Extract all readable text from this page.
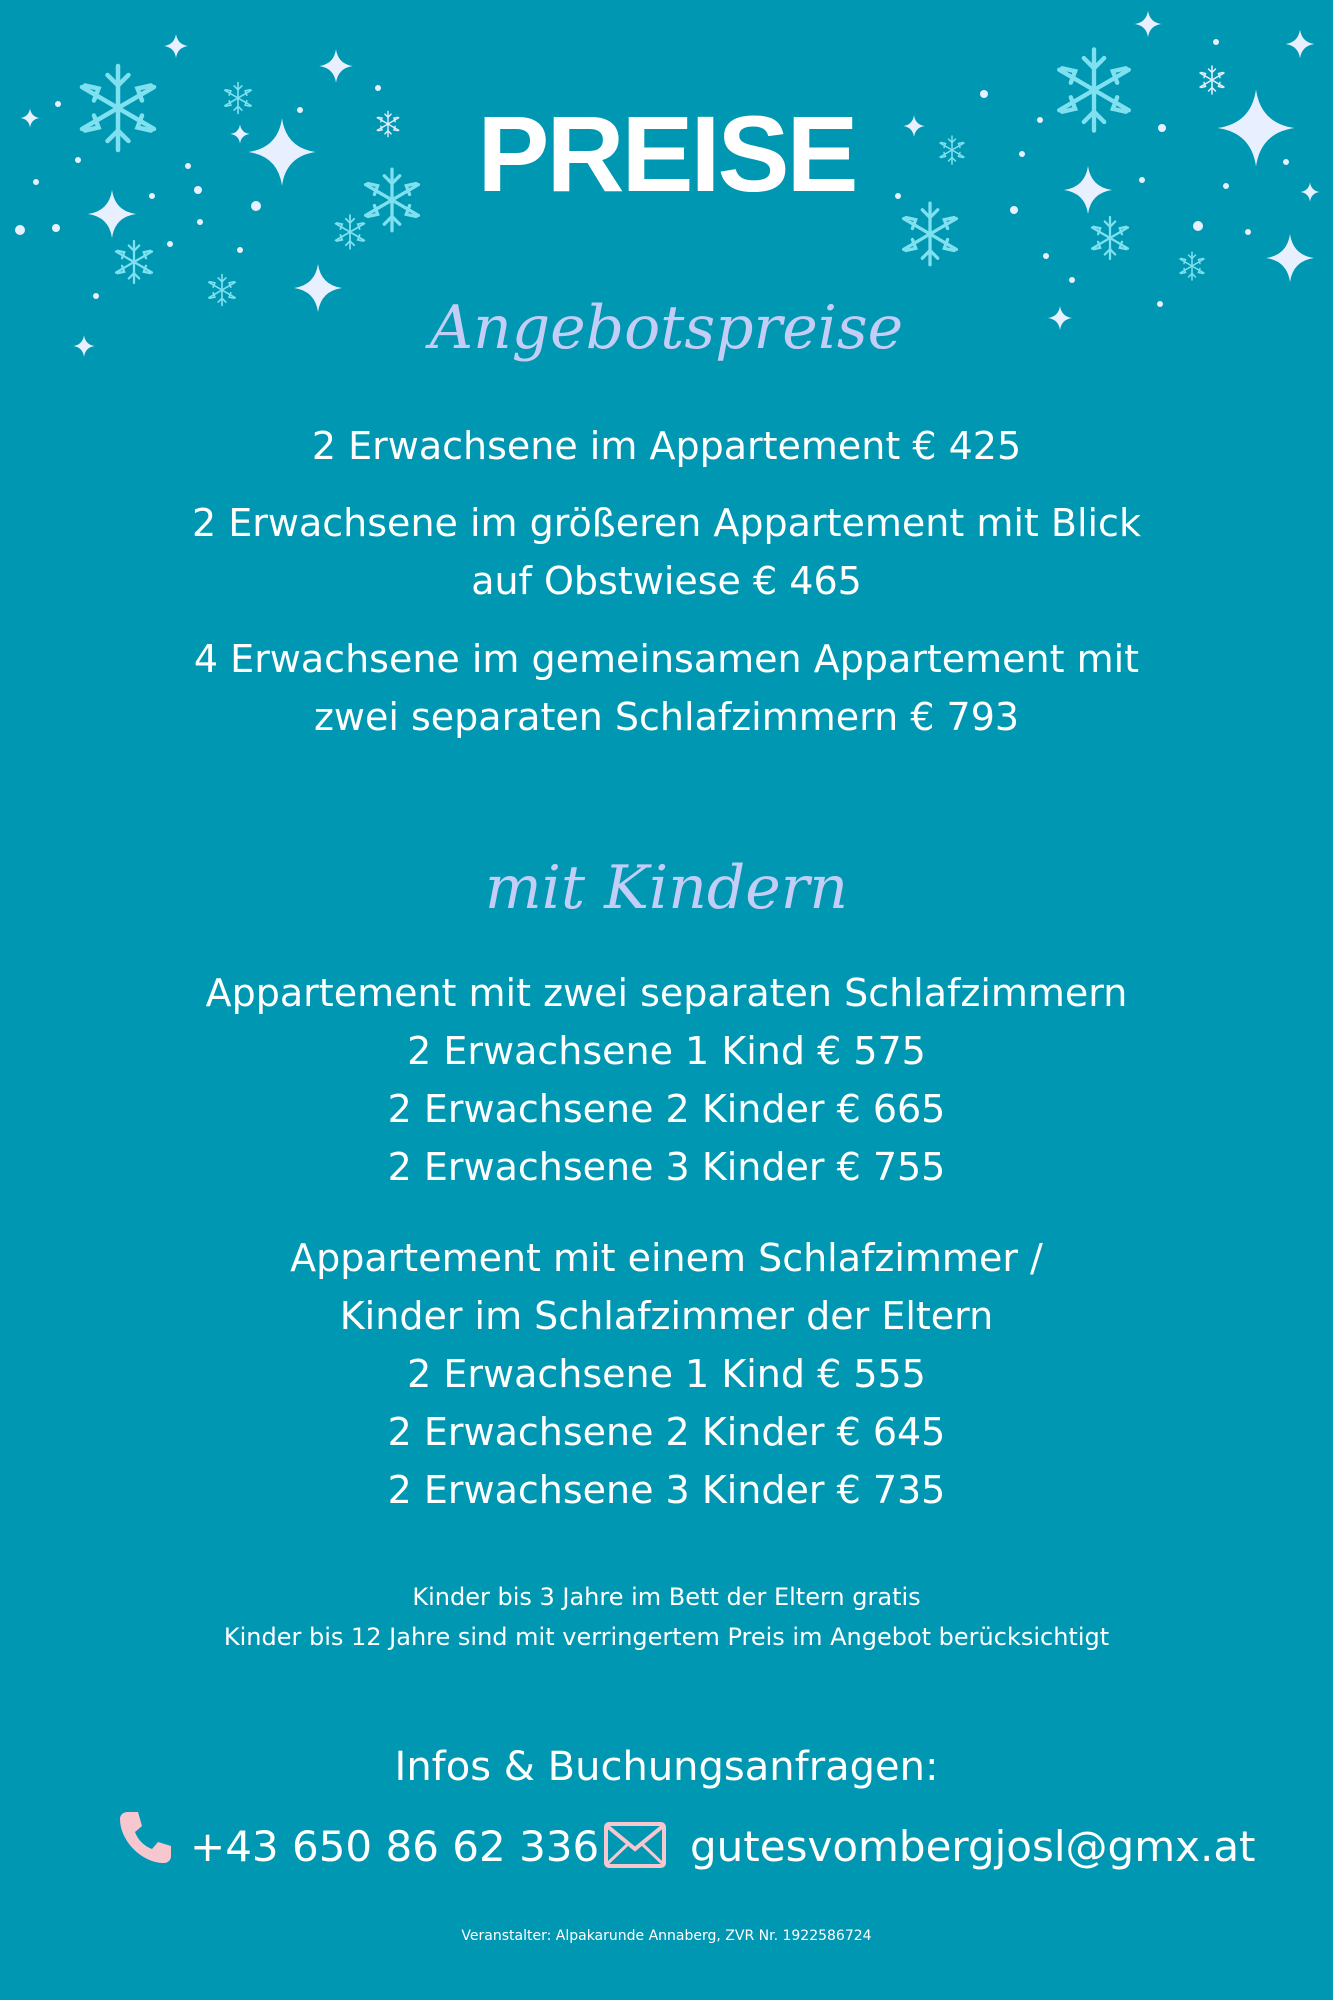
PREISE
Angebotspreise
2 Erwachsene im Appartement € 425
2 Erwachsene im größeren Appartement mit Blick
auf Obstwiese € 465
4 Erwachsene im gemeinsamen Appartement mit
zwei separaten Schlafzimmern € 793
mit Kindern
Appartement mit zwei separaten Schlafzimmern
2 Erwachsene 1 Kind € 575
2 Erwachsene 2 Kinder € 665
2 Erwachsene 3 Kinder € 755
Appartement mit einem Schlafzimmer /
Kinder im Schlafzimmer der Eltern
2 Erwachsene 1 Kind € 555
2 Erwachsene 2 Kinder € 645
2 Erwachsene 3 Kinder € 735
Kinder bis 3 Jahre im Bett der Eltern gratis
Kinder bis 12 Jahre sind mit verringertem Preis im Angebot berücksichtigt
Infos & Buchungsanfragen:
+43 650 86 62 336 gutesvombergjosl@gmx.at
Veranstalter: Alpakarunde Annaberg, ZVR Nr. 1922586724
